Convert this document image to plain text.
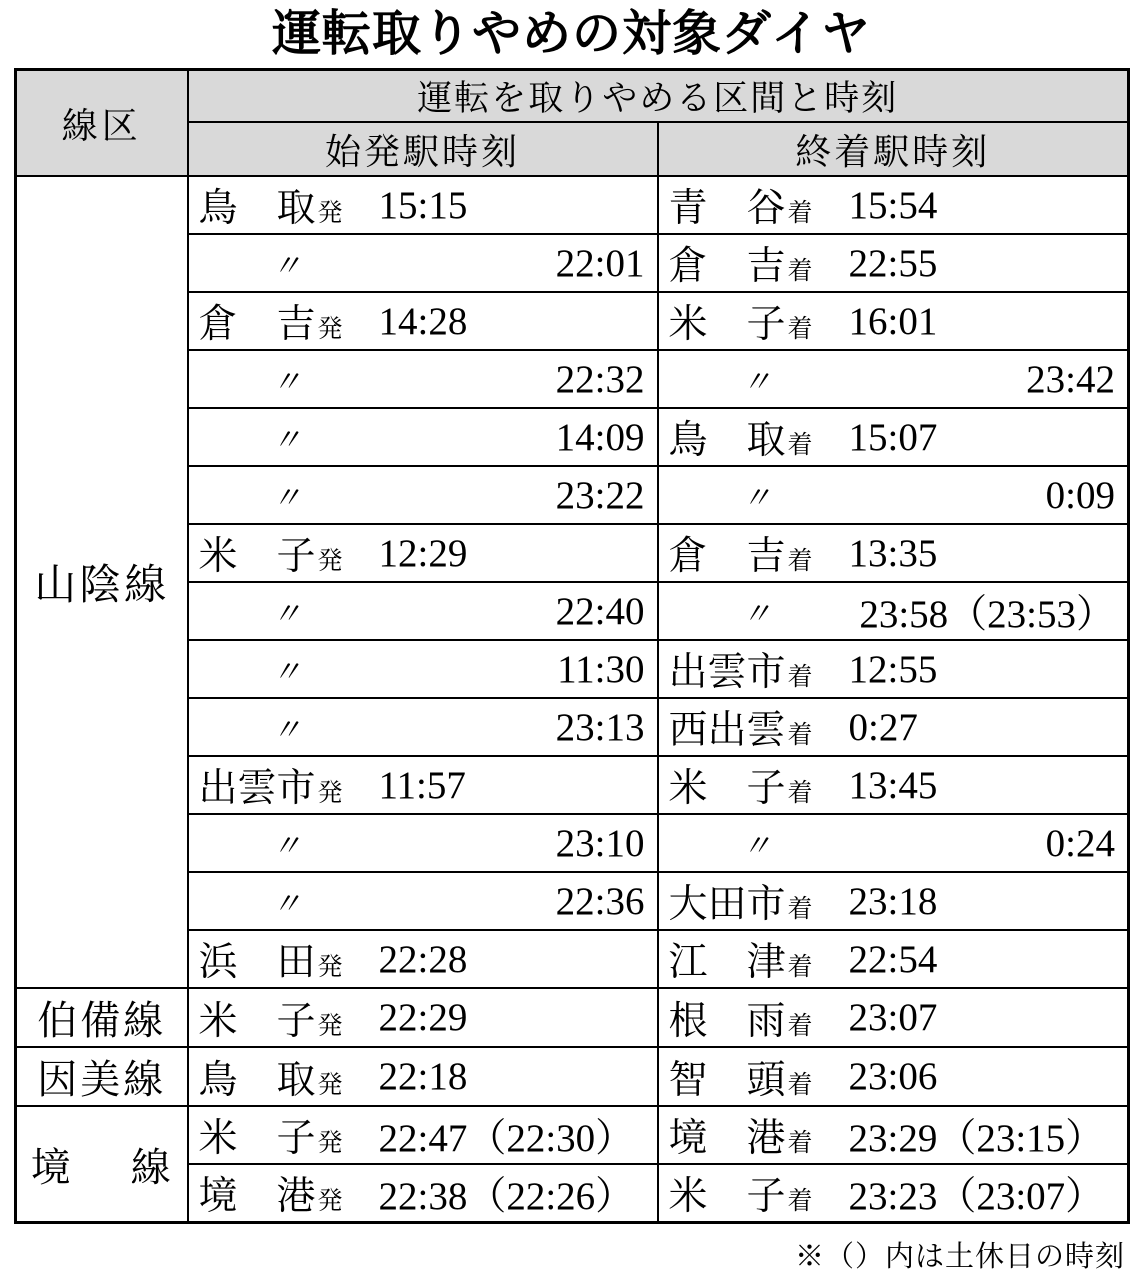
運転取りやめの対象ダイヤ
線区	運転を取りやめる区間と時刻	
	始発駅時刻	終着駅時刻
山陰線	鳥　取発 15:15	青　谷着 15:54

	〃 22:01	倉　吉着 22:55

	倉　吉発 14:28	米　子着 16:01

	〃 22:32	〃 23:42

	〃 14:09	鳥　取着 15:07

	〃 23:22	〃 0:09

	米　子発 12:29	倉　吉着 13:35

	〃 22:40	〃 23:58（23:53）

	〃 11:30	出雲市着 12:55

	〃 23:13	西出雲着 0:27

	出雲市発 11:57	米　子着 13:45

	〃 23:10	〃 0:24

	〃 22:36	大田市着 23:18

	浜　田発 22:28	江　津着 22:54

伯備線	米　子発 22:29	根　雨着 23:07

因美線	鳥　取発 22:18	智　頭着 23:06

境　線	米　子発 22:47（22:30）	境　港着 23:29（23:15）

	境　港発 22:38（22:26）	米　子着 23:23（23:07）
※（）内は土休日の時刻
